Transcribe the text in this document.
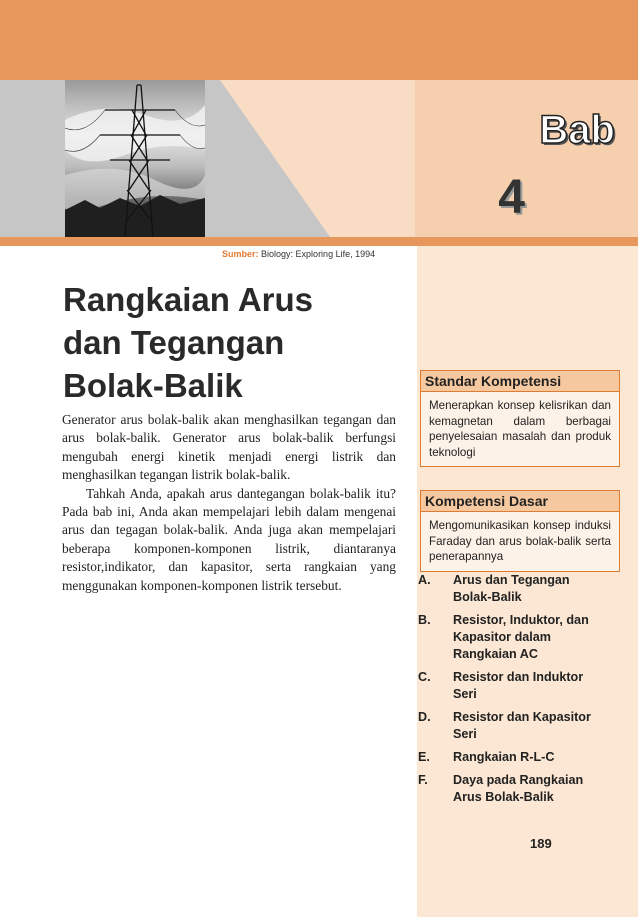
Bab
4
Sumber: Biology: Exploring Life, 1994
Rangkaian Arus
dan Tegangan
Bolak-Balik

Generator arus bolak-balik akan menghasilkan tegangan dan arus bolak-balik. Generator arus bolak-balik berfungsi mengubah energi kinetik menjadi energi listrik dan menghasilkan tegangan listrik bolak-balik.

Tahkah Anda, apakah arus dantegangan bolak-balik itu? Pada bab ini, Anda akan mempelajari lebih dalam mengenai arus dan tegagan bolak-balik. Anda juga akan mempelajari beberapa komponen-komponen listrik, diantaranya resistor,indikator, dan kapasitor, serta rangkaian yang menggunakan komponen-komponen listrik tersebut.

Standar Kompetensi
Menerapkan konsep kelisrikan dan kemagnetan dalam berbagai penyelesaian masalah dan produk teknologi
Kompetensi Dasar
Mengomunikasikan konsep induksi Faraday dan arus bolak-balik serta penerapannya
A.	Arus dan Tegangan Bolak-Balik
B.	Resistor, Induktor, dan Kapasitor dalam Rangkaian AC
C.	Resistor dan Induktor Seri
D.	Resistor dan Kapasitor Seri
E.	Rangkaian R-L-C
F.	Daya pada Rangkaian Arus Bolak-Balik
189
